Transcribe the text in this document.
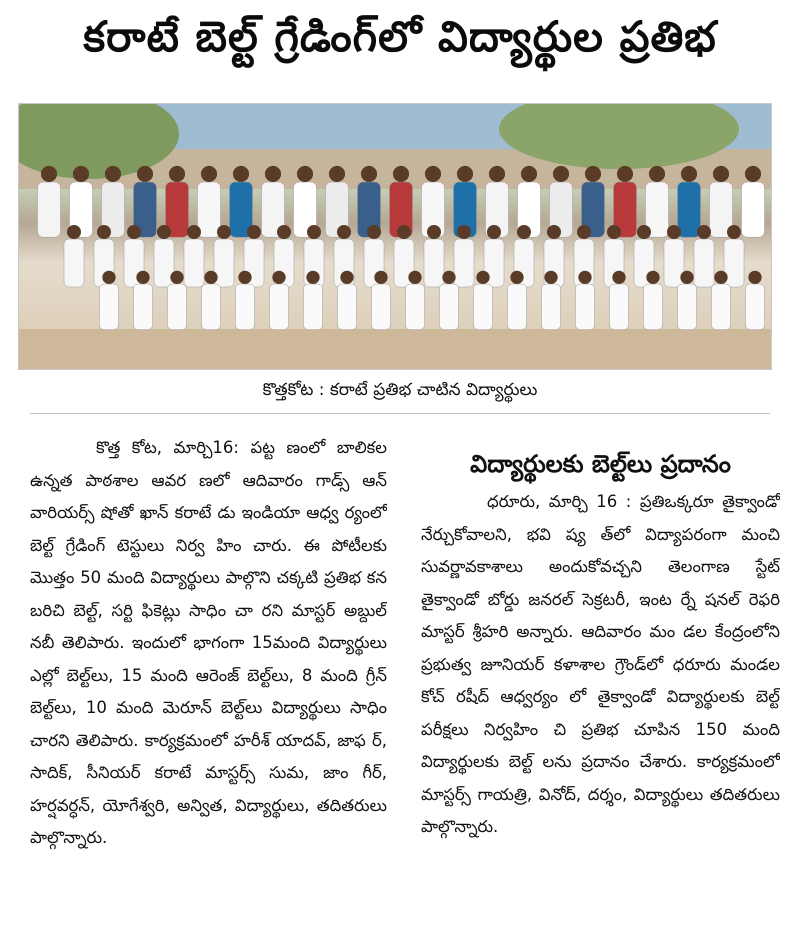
కరాటే బెల్ట్ గ్రేడింగ్‌లో విద్యార్థుల ప్రతిభ
కొత్తకోట : కరాటే ప్రతిభ చాటిన విద్యార్థులు

కొత్త కోట, మార్చి16: పట్ట ణంలో బాలికల ఉన్నత పాఠశాల ఆవర ణలో ఆదివారం గాడ్స్ ఆన్ వారియర్స్ షోతో ఖాన్ కరాటే డు ఇండియా ఆధ్వ ర్యంలో బెల్ట్ గ్రేడింగ్ టెస్టులు నిర్వ హిం చారు. ఈ పోటీలకు మొత్తం 50 మంది విద్యార్థులు పాల్గొని చక్కటి ప్రతిభ కన బరిచి బెల్ట్, సర్టి ఫికెట్లు సాధిం చా రని మాస్టర్ అబ్దుల్ నబీ తెలిపారు. ఇందులో భాగంగా 15మంది విద్యార్థులు ఎల్లో బెల్ట్‌లు, 15 మంది ఆరెంజ్ బెల్ట్‌లు, 8 మంది గ్రీన్ బెల్ట్‌లు, 10 మంది మెరూన్ బెల్ట్‌లు విద్యార్థులు సాధిం చారని తెలిపారు. కార్యక్రమంలో హరీశ్ యాదవ్, జాఫ ర్, సాదిక్, సీనియర్ కరాటే మాస్టర్స్ సుమ, జాం గీర్, హర్షవర్ధన్, యోగేశ్వరి, అన్విత, విద్యార్థులు, తదితరులు పాల్గొన్నారు.

విద్యార్థులకు బెల్ట్‌లు ప్రదానం

ధరూరు, మార్చి 16 : ప్రతిఒక్కరూ తైక్వాండో నేర్చుకోవాలని, భవి ష్య త్‌లో విద్యాపరంగా మంచి సువర్ణావకాశాలు అందుకోవచ్చని తెలంగాణ స్టేట్ తైక్వాండో బోర్డు జనరల్ సెక్రటరీ, ఇంట ర్నే షనల్ రెఫరి మాస్టర్ శ్రీహరి అన్నారు. ఆదివారం మం డల కేంద్రంలోని ప్రభుత్వ జూనియర్ కళాశాల గ్రౌండ్‌లో ధరూరు మండల కోచ్ రషీద్ ఆధ్వర్యం లో తైక్వాండో విద్యార్థులకు బెల్ట్ పరీక్షలు నిర్వహిం చి ప్రతిభ చూపిన 150 మంది విద్యార్థులకు బెల్ట్ లను ప్రదానం చేశారు. కార్యక్రమంలో మాస్టర్స్ గాయత్రి, వినోద్, దర్శం, విద్యార్థులు తదితరులు పాల్గొన్నారు.
